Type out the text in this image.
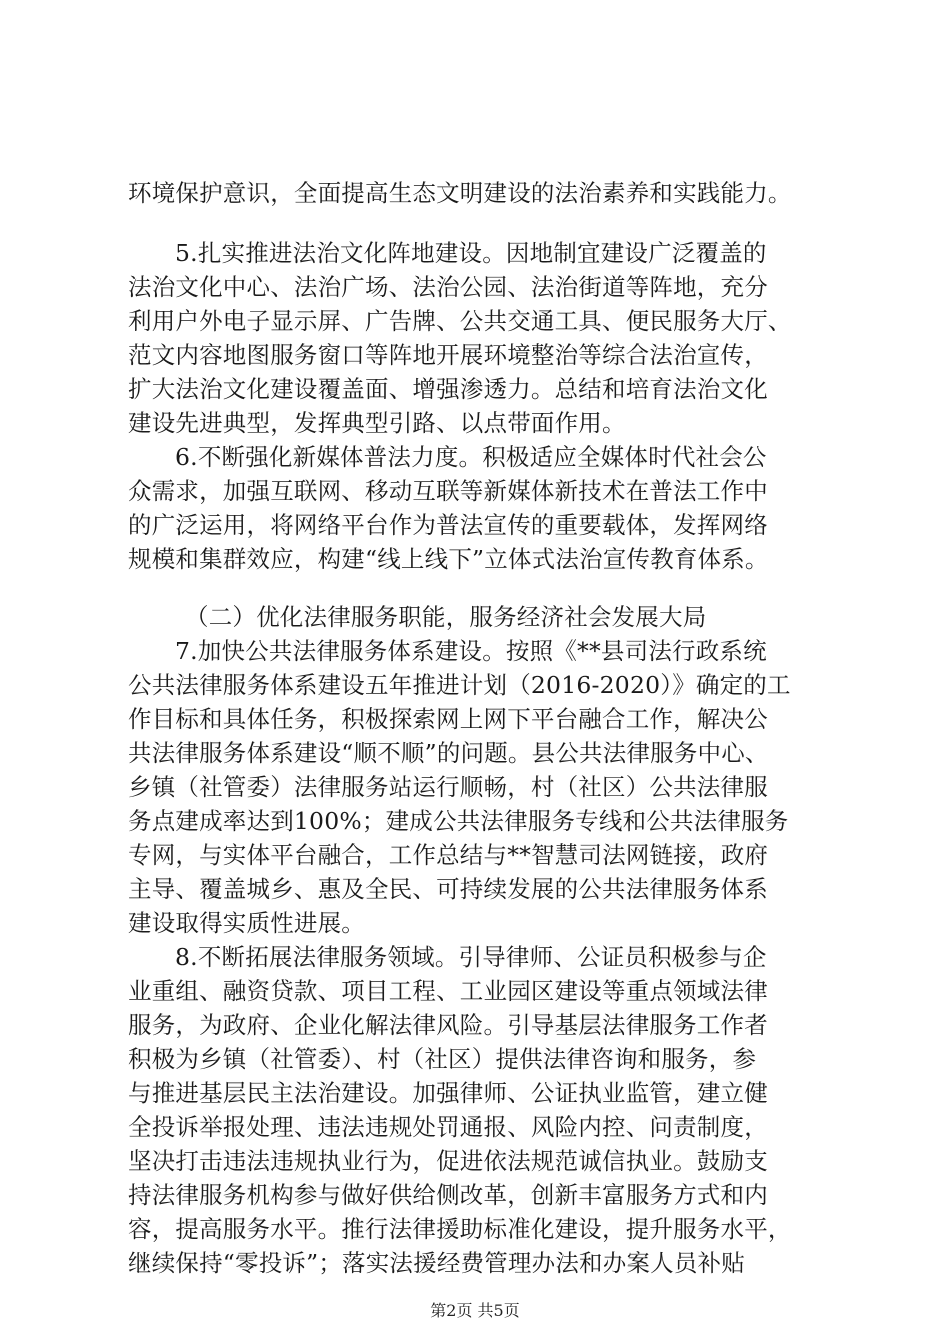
环境保护意识，全面提高生态文明建设的法治素养和实践能力。
5.扎实推进法治文化阵地建设。因地制宜建设广泛覆盖的
法治文化中心、法治广场、法治公园、法治街道等阵地，充分
利用户外电子显示屏、广告牌、公共交通工具、便民服务大厅、
范文内容地图服务窗口等阵地开展环境整治等综合法治宣传，
扩大法治文化建设覆盖面、增强渗透力。总结和培育法治文化
建设先进典型，发挥典型引路、以点带面作用。
6.不断强化新媒体普法力度。积极适应全媒体时代社会公
众需求，加强互联网、移动互联等新媒体新技术在普法工作中
的广泛运用，将网络平台作为普法宣传的重要载体，发挥网络
规模和集群效应，构建“线上线下”立体式法治宣传教育体系。
（二）优化法律服务职能，服务经济社会发展大局
7.加快公共法律服务体系建设。按照《**县司法行政系统
公共法律服务体系建设五年推进计划（2016-2020）》确定的工
作目标和具体任务，积极探索网上网下平台融合工作，解决公
共法律服务体系建设“顺不顺”的问题。县公共法律服务中心、
乡镇（社管委）法律服务站运行顺畅，村（社区）公共法律服
务点建成率达到100%；建成公共法律服务专线和公共法律服务
专网，与实体平台融合，工作总结与**智慧司法网链接，政府
主导、覆盖城乡、惠及全民、可持续发展的公共法律服务体系
建设取得实质性进展。
8.不断拓展法律服务领域。引导律师、公证员积极参与企
业重组、融资贷款、项目工程、工业园区建设等重点领域法律
服务，为政府、企业化解法律风险。引导基层法律服务工作者
积极为乡镇（社管委）、村（社区）提供法律咨询和服务，参
与推进基层民主法治建设。加强律师、公证执业监管，建立健
全投诉举报处理、违法违规处罚通报、风险内控、问责制度，
坚决打击违法违规执业行为，促进依法规范诚信执业。鼓励支
持法律服务机构参与做好供给侧改革，创新丰富服务方式和内
容，提高服务水平。推行法律援助标准化建设，提升服务水平，
继续保持“零投诉”；落实法援经费管理办法和办案人员补贴
第2页 共5页
